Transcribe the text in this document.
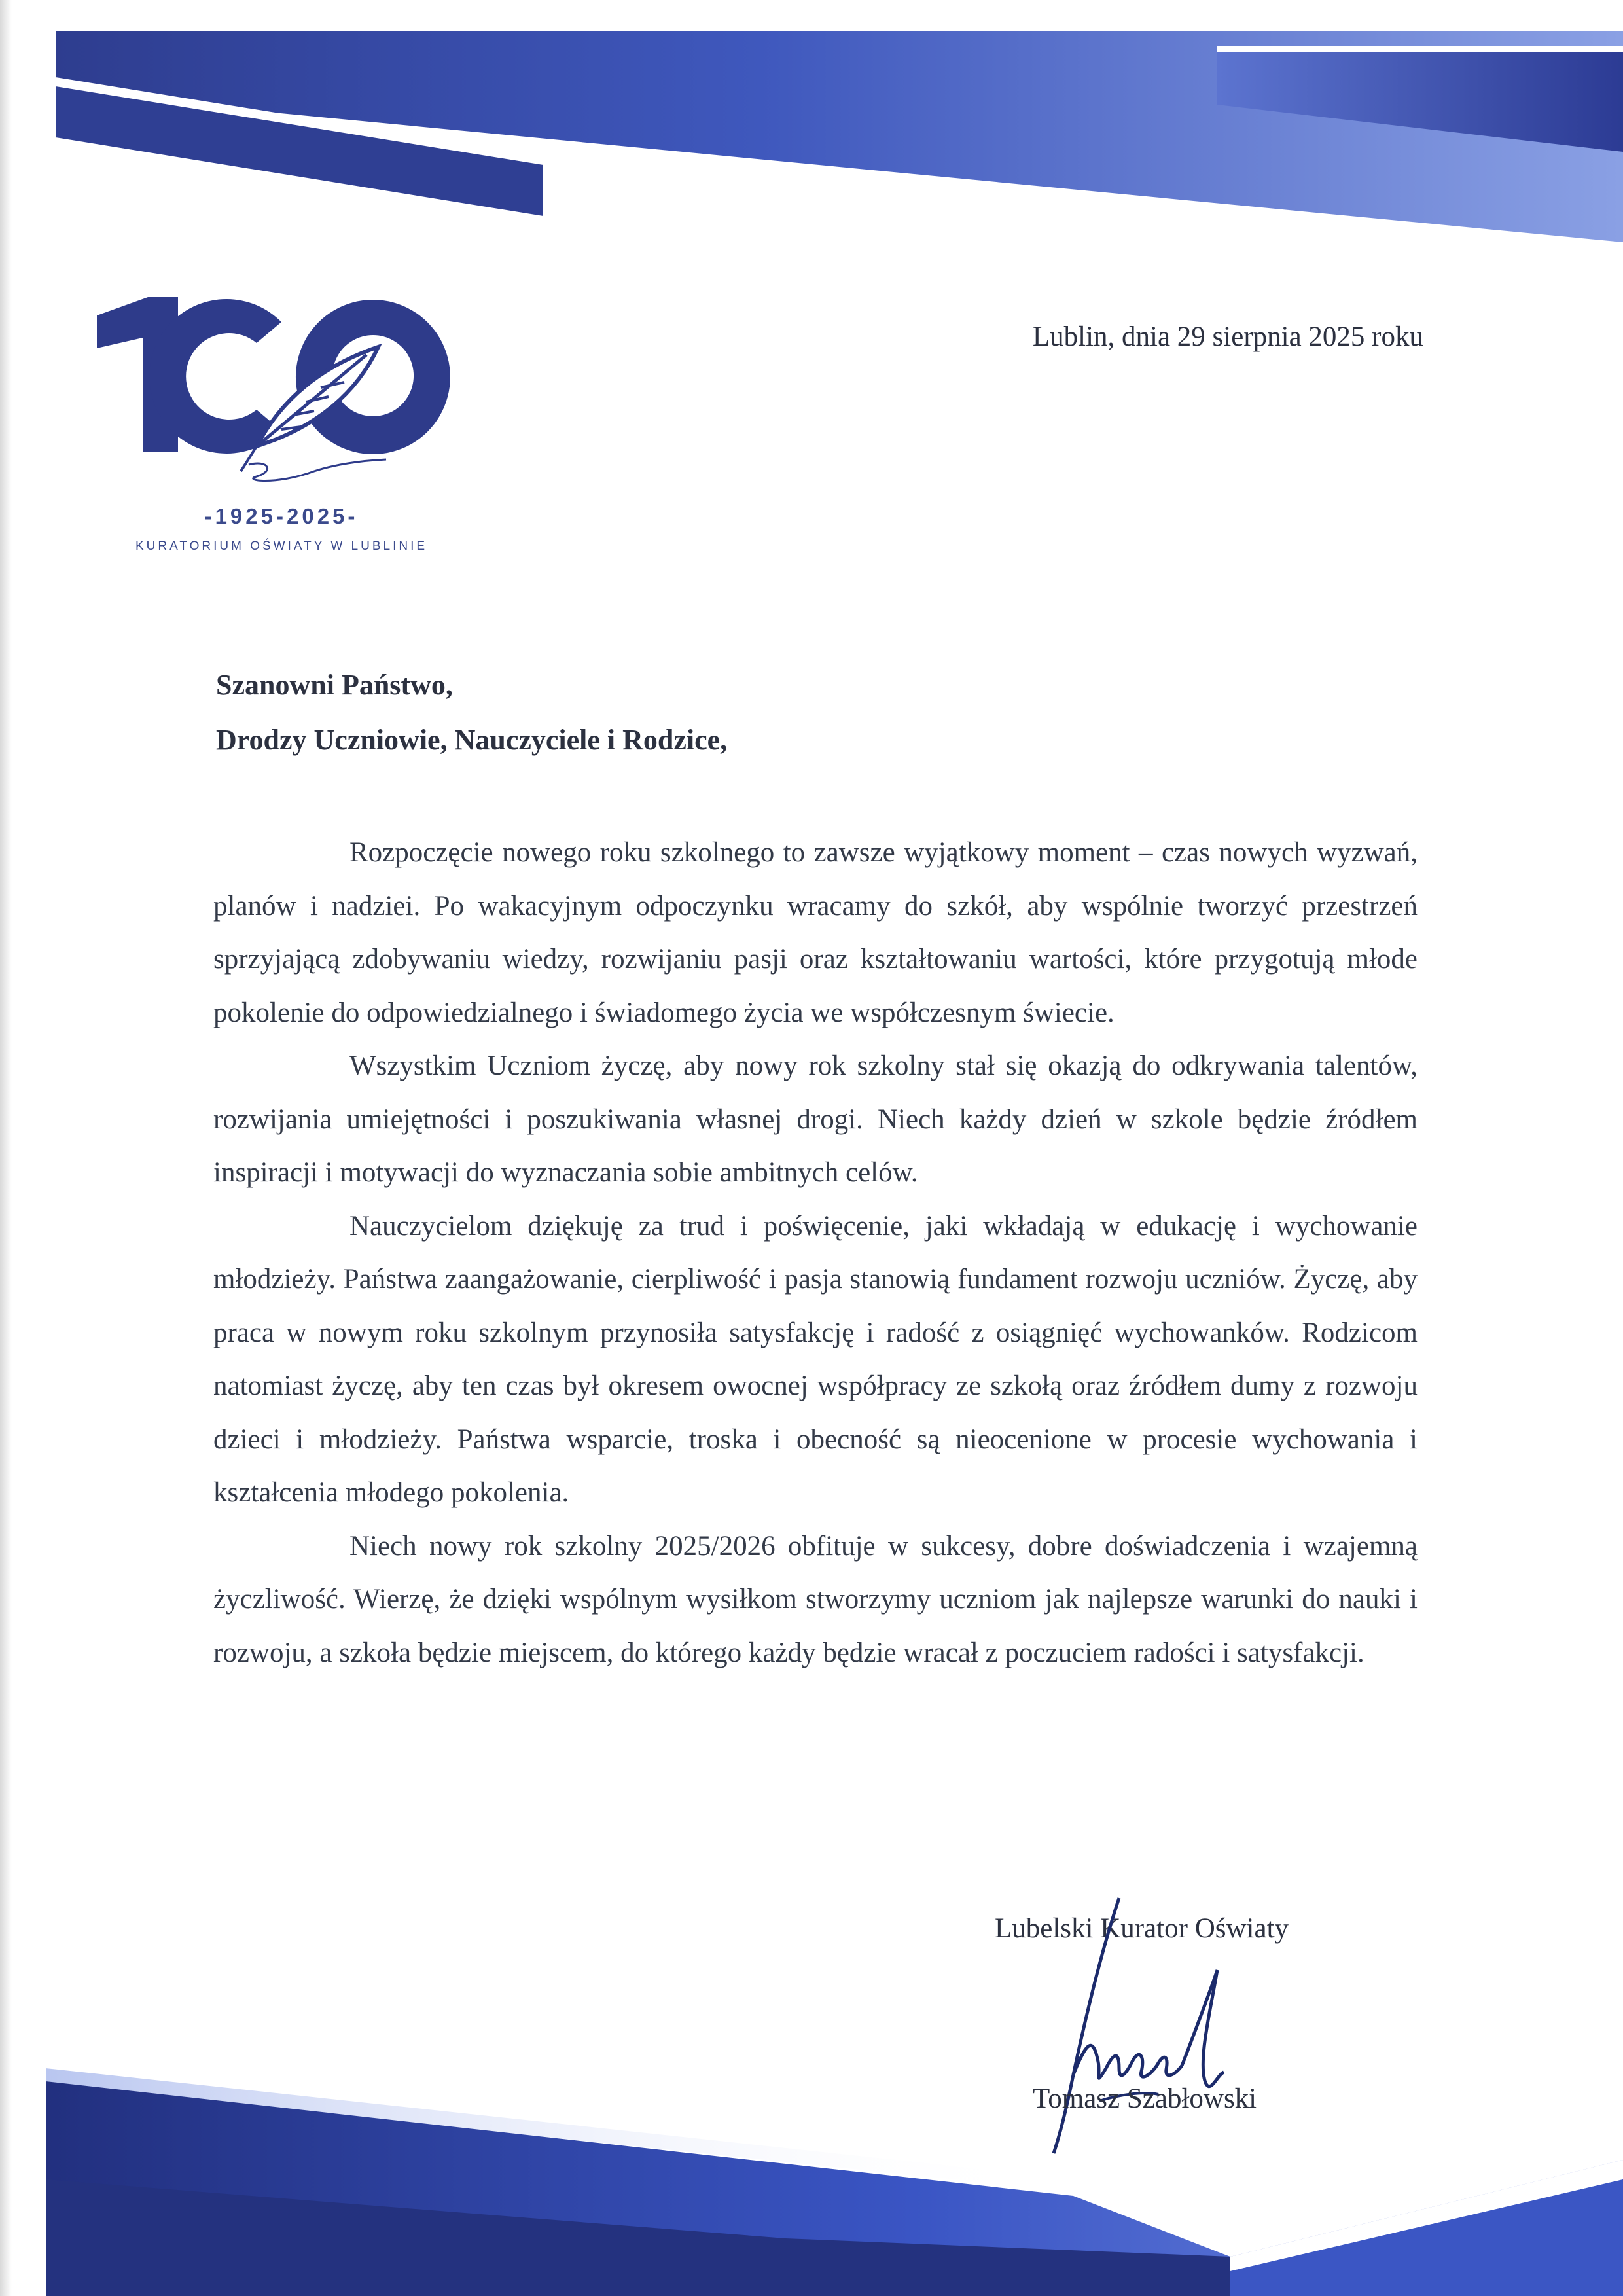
-1925-2025-
KURATORIUM OŚWIATY W LUBLINIE
Lublin, dnia 29 sierpnia 2025 roku
Szanowni Państwo,
Drodzy Uczniowie, Nauczyciele i Rodzice,

Rozpoczęcie nowego roku szkolnego to zawsze wyjątkowy moment – czas nowych wyzwań, planów i nadziei. Po wakacyjnym odpoczynku wracamy do szkół, aby wspólnie tworzyć przestrzeń sprzyjającą zdobywaniu wiedzy, rozwijaniu pasji oraz kształtowaniu wartości, które przygotują młode pokolenie do odpowiedzialnego i świadomego życia we współczesnym świecie.

Wszystkim Uczniom życzę, aby nowy rok szkolny stał się okazją do odkrywania talentów, rozwijania umiejętności i poszukiwania własnej drogi. Niech każdy dzień w szkole będzie źródłem inspiracji i motywacji do wyznaczania sobie ambitnych celów.

Nauczycielom dziękuję za trud i poświęcenie, jaki wkładają w edukację i wychowanie młodzieży. Państwa zaangażowanie, cierpliwość i pasja stanowią fundament rozwoju uczniów. Życzę, aby praca w nowym roku szkolnym przynosiła satysfakcję i radość z osiągnięć wychowanków. Rodzicom natomiast życzę, aby ten czas był okresem owocnej współpracy ze szkołą oraz źródłem dumy z rozwoju dzieci i młodzieży. Państwa wsparcie, troska i obecność są nieocenione w procesie wychowania i kształcenia młodego pokolenia.

Niech nowy rok szkolny 2025/2026 obfituje w sukcesy, dobre doświadczenia i wzajemną życzliwość. Wierzę, że dzięki wspólnym wysiłkom stworzymy uczniom jak najlepsze warunki do nauki i rozwoju, a szkoła będzie miejscem, do którego każdy będzie wracał z poczuciem radości i satysfakcji.

Lubelski Kurator Oświaty
Tomasz Szabłowski
